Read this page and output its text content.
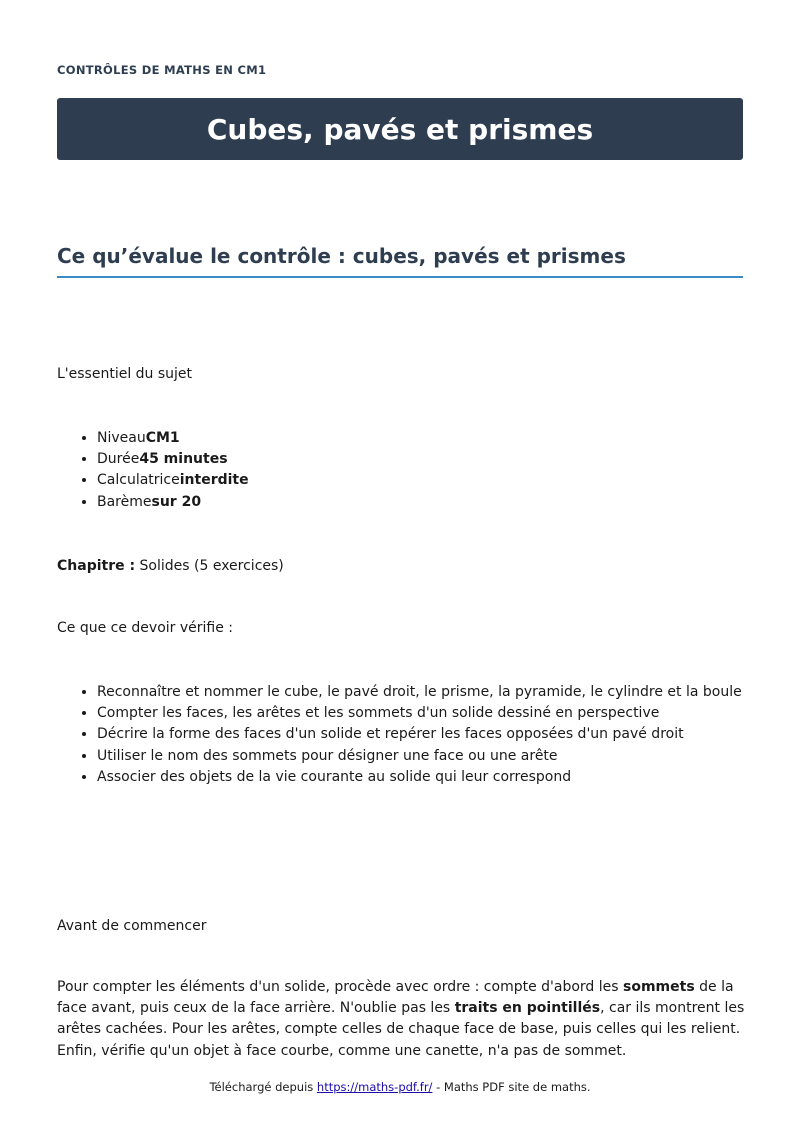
CONTRÔLES DE MATHS EN CM1
Cubes, pavés et prismes
Ce qu’évalue le contrôle : cubes, pavés et prismes

L'essentiel du sujet

• NiveauCM1
• Durée45 minutes
• Calculatriceinterdite
• Barèmesur 20

Chapitre : Solides (5 exercices)

Ce que ce devoir vérifie :

• Reconnaître et nommer le cube, le pavé droit, le prisme, la pyramide, le cylindre et la boule
• Compter les faces, les arêtes et les sommets d'un solide dessiné en perspective
• Décrire la forme des faces d'un solide et repérer les faces opposées d'un pavé droit
• Utiliser le nom des sommets pour désigner une face ou une arête
• Associer des objets de la vie courante au solide qui leur correspond

Avant de commencer

Pour compter les éléments d'un solide, procède avec ordre : compte d'abord les sommets de la face avant, puis ceux de la face arrière. N'oublie pas les traits en pointillés, car ils montrent les arêtes cachées. Pour les arêtes, compte celles de chaque face de base, puis celles qui les relient. Enfin, vérifie qu'un objet à face courbe, comme une canette, n'a pas de sommet.

Téléchargé depuis https://maths-pdf.fr/ - Maths PDF site de maths.
